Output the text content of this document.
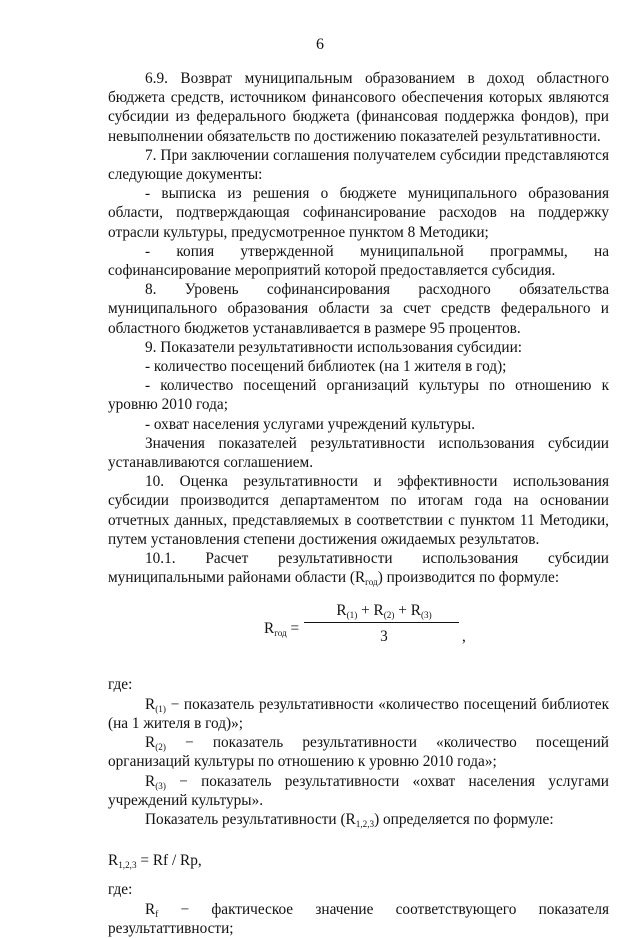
6

6.9. Возврат муниципальным образованием в доход областного бюджета средств, источником финансового обеспечения которых являются субсидии из федерального бюджета (финансовая поддержка фондов), при невыполнении обязательств по достижению показателей результативности.

7. При заключении соглашения получателем субсидии представляются следующие документы:

- выписка из решения о бюджете муниципального образования области, подтверждающая софинансирование расходов на поддержку отрасли культуры, предусмотренное пунктом 8 Методики;

- копия утвержденной муниципальной программы, на софинансирование мероприятий которой предоставляется субсидия.

8. Уровень софинансирования расходного обязательства муниципального образования области за счет средств федерального и областного бюджетов устанавливается в размере 95 процентов.

9. Показатели результативности использования субсидии:

- количество посещений библиотек (на 1 жителя в год);

- количество посещений организаций культуры по отношению к уровню 2010 года;

- охват населения услугами учреждений культуры.

Значения показателей результативности использования субсидии устанавливаются соглашением.

10. Оценка результативности и эффективности использования субсидии производится департаментом по итогам года на основании отчетных данных, представляемых в соответствии с пунктом 11 Методики, путем установления степени достижения ожидаемых результатов.

10.1. Расчет результативности использования субсидии муниципальными районами области $(R_{год})$ производится по формуле:

$R_{год}$ =
$R_{(1)} + R_{(2)} + R_{(3)}$
3	,

где:

$R_{(1)}$ − показатель результативности «количество посещений библиотек (на 1 жителя в год)»;

$R_{(2)}$ − показатель результативности «количество посещений организаций культуры по отношению к уровню 2010 года»;

$R_{(3)}$ − показатель результативности «охват населения услугами учреждений культуры».

Показатель результативности $(R_{1,2,3})$ определяется по формуле:

$R_{1,2,3} = Rf / Rp$,

где:

$R_f$ − фактическое значение соответствующего показателя результаттивности;
